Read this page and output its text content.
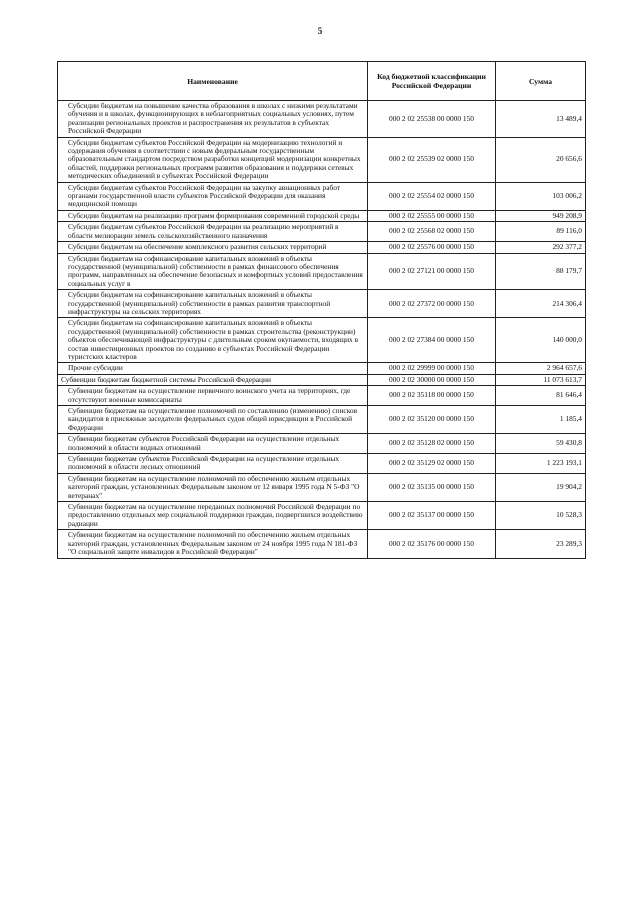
5
Наименование	Код бюджетной классификации Российской Федерации	Сумма
Субсидии бюджетам на повышение качества образования в школах с низкими результатами обучения и в школах, функционирующих в неблагоприятных социальных условиях, путем реализации региональных проектов и распространения их результатов в субъектах Российской Федерации	000 2 02 25538 00 0000 150	13 489,4
Субсидии бюджетам субъектов Российской Федерации на модернизацию технологий и содержания обучения в соответствии с новым федеральным государственным образовательным стандартом посредством разработки концепций модернизации конкретных областей, поддержки региональных программ развития образования и поддержки сетевых методических объединений в субъектах Российской Федерации	000 2 02 25539 02 0000 150	20 656,6
Субсидии бюджетам субъектов Российской Федерации на закупку авиационных работ органами государственной власти субъектов Российской Федерации для оказания медицинской помощи	000 2 02 25554 02 0000 150	103 006,2
Субсидии бюджетам на реализацию программ формирования современной городской среды	000 2 02 25555 00 0000 150	949 208,9
Субсидии бюджетам субъектов Российской Федерации на реализацию мероприятий в области мелиорации земель сельскохозяйственного назначения	000 2 02 25568 02 0000 150	89 116,0
Субсидии бюджетам на обеспечение комплексного развития сельских территорий	000 2 02 25576 00 0000 150	292 377,2
Субсидии бюджетам на софинансирование капитальных вложений в объекты государственной (муниципальной) собственности в рамках финансового обеспечения программ, направленных на обеспечение безопасных и комфортных условий предоставления социальных услуг в	000 2 02 27121 00 0000 150	88 179,7
Субсидии бюджетам на софинансирование капитальных вложений в объекты государственной (муниципальной) собственности в рамках развития транспортной инфраструктуры на сельских территориях	000 2 02 27372 00 0000 150	214 306,4
Субсидии бюджетам на софинансирование капитальных вложений в объекты государственной (муниципальной) собственности в рамках строительства (реконструкции) объектов обеспечивающей инфраструктуры с длительным сроком окупаемости, входящих в состав инвестиционных проектов по созданию в субъектах Российской Федерации туристских кластеров	000 2 02 27384 00 0000 150	140 000,0
Прочие субсидии	000 2 02 29999 00 0000 150	2 964 657,6
Субвенции бюджетам бюджетной системы Российской Федерации	000 2 02 30000 00 0000 150	11 073 613,7
Субвенции бюджетам на осуществление первичного воинского учета на территориях, где отсутствуют военные комиссариаты	000 2 02 35118 00 0000 150	81 646,4
Субвенции бюджетам на осуществление полномочий по составлению (изменению) списков кандидатов в присяжные заседатели федеральных судов общей юрисдикции в Российской Федерации	000 2 02 35120 00 0000 150	1 185,4
Субвенции бюджетам субъектов Российской Федерации на осуществление отдельных полномочий в области водных отношений	000 2 02 35128 02 0000 150	59 430,8
Субвенции бюджетам субъектов Российской Федерации на осуществление отдельных полномочий в области лесных отношений	000 2 02 35129 02 0000 150	1 223 193,1
Субвенции бюджетам на осуществление полномочий по обеспечению жильем отдельных категорий граждан, установленных Федеральным законом от 12 января 1995 года N 5-ФЗ "О ветеранах"	000 2 02 35135 00 0000 150	19 904,2
Субвенции бюджетам на осуществление переданных полномочий Российской Федерации по предоставлению отдельных мер социальной поддержки граждан, подвергшихся воздействию радиации	000 2 02 35137 00 0000 150	10 528,3
Субвенции бюджетам на осуществление полномочий по обеспечению жильем отдельных категорий граждан, установленных Федеральным законом от 24 ноября 1995 года N 181-ФЗ "О социальной защите инвалидов в Российской Федерации"	000 2 02 35176 00 0000 150	23 289,3
